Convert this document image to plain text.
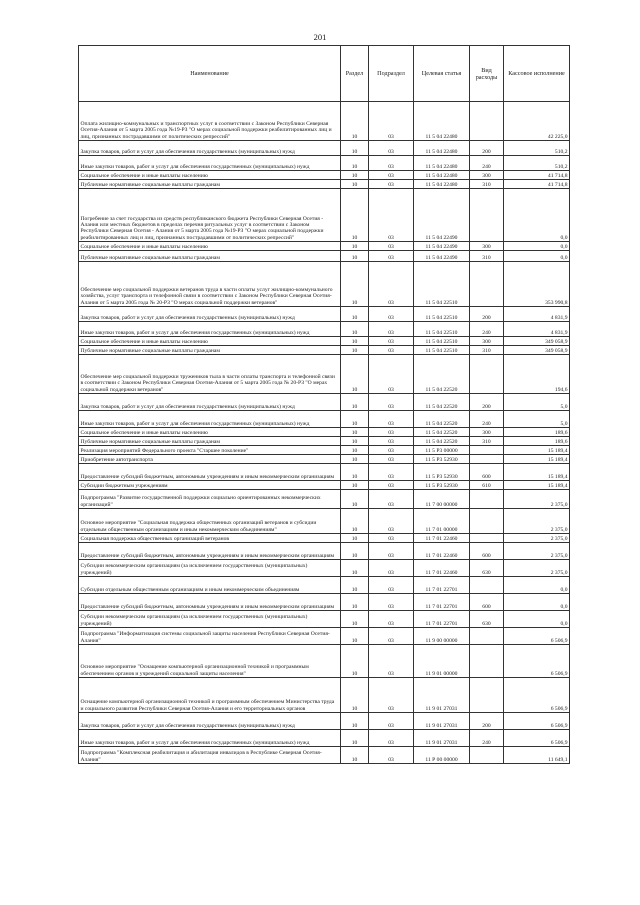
201
Наименование	Раздел	Подраздел	Целевая статья	Вид расходы	Кассовое исполнение
Оплата жилищно-коммунальных и транспортных услуг в соответствии с Законом Республики Северная Осетия-Алания от 5 марта 2005 года №19-РЗ "О мерах социальной поддержки реабилитированных лиц и лиц, признанных пострадавшими от политических репрессий"	10	03	11 5 04 22480		42 225,0
Закупка товаров, работ и услуг для обеспечения государственных (муниципальных) нужд	10	03	11 5 04 22480	200	510,2
Иные закупки товаров, работ и услуг для обеспечения государственных (муниципальных) нужд	10	03	11 5 04 22480	240	510,2
Социальное обеспечение и иные выплаты населению	10	03	11 5 04 22480	300	41 714,8
Публичные нормативные социальные выплаты гражданам	10	03	11 5 04 22480	310	41 714,8
Погребение за счет государства из средств республиканского бюджета Республики Северная Осетия - Алания или местных бюджетов в пределах перечня ритуальных услуг в соответствии с Законом Республики Северная Осетия - Алания от 5 марта 2005 года №19-РЗ "О мерах социальной поддержки реабилитированных лиц и лиц, признанных пострадавшими от политических репрессий"	10	03	11 5 04 22490		0,0
Социальное обеспечение и иные выплаты населению	10	03	11 5 04 22490	300	0,0
Публичные нормативные социальные выплаты гражданам	10	03	11 5 04 22490	310	0,0
Обеспечение мер социальной поддержки ветеранов труда в части оплаты услуг жилищно-коммунального хозяйства, услуг транспорта и телефонной связи в соответствии с Законом Республики Северная Осетия-Алания от 5 марта 2005 года № 20-РЗ "О мерах социальной поддержки ветеранов"	10	03	11 5 04 22510		353 990,8
Закупка товаров, работ и услуг для обеспечения государственных (муниципальных) нужд	10	03	11 5 04 22510	200	4 831,9
Иные закупки товаров, работ и услуг для обеспечения государственных (муниципальных) нужд	10	03	11 5 04 22510	240	4 831,9
Социальное обеспечение и иные выплаты населению	10	03	11 5 04 22510	300	349 058,9
Публичные нормативные социальные выплаты гражданам	10	03	11 5 04 22510	310	349 058,9
Обеспечение мер социальной поддержки тружеников тыла в части оплаты транспорта и телефонной связи в соответствии с Законом Республики Северная Осетия-Алания от 5 марта 2005 года № 20-РЗ "О мерах социальной поддержки ветеранов"	10	03	11 5 04 22520		194,6
Закупка товаров, работ и услуг для обеспечения государственных (муниципальных) нужд	10	03	11 5 04 22520	200	5,0
Иные закупки товаров, работ и услуг для обеспечения государственных (муниципальных) нужд	10	03	11 5 04 22520	240	5,0
Социальное обеспечение и иные выплаты населению	10	03	11 5 04 22520	300	189,6
Публичные нормативные социальные выплаты гражданам	10	03	11 5 04 22520	310	189,6
Реализация мероприятий Федерального проекта "Старшее поколение"	10	03	11 5 P3 00000		15 189,4
Приобретение автотранспорта	10	03	11 5 P3 52930		15 189,4
Предоставление субсидий бюджетным, автономным учреждениям и иным некоммерческим организациям	10	03	11 5 P3 52930	600	15 189,4
Субсидии бюджетным учреждениям	10	03	11 5 P3 52930	610	15 189,4
Подпрограмма "Развитие государственной поддержки социально ориентированных некоммерческих организаций"	10	03	11 7 00 00000		2 375,0
Основное мероприятие "Социальная поддержка общественных организаций ветеранов и субсидии отдельным общественным организациям и иным некоммерческим объединениям"	10	03	11 7 01 00000		2 375,0
Социальная поддержка общественных организаций ветеранов	10	03	11 7 01 22460		2 375,0
Предоставление субсидий бюджетным, автономным учреждениям и иным некоммерческим организациям	10	03	11 7 01 22460	600	2 375,0
Субсидии некоммерческим организациям (за исключением государственных (муниципальных) учреждений)	10	03	11 7 01 22460	630	2 375,0
Субсидии отдельным общественным организациям и иным некоммерческим объединениям	10	03	11 7 01 22701		0,0
Предоставление субсидий бюджетным, автономным учреждениям и иным некоммерческим организациям	10	03	11 7 01 22701	600	0,0
Субсидии некоммерческим организациям (за исключением государственных (муниципальных) учреждений)	10	03	11 7 01 22701	630	0,0
Подпрограмма "Информатизация системы социальной защиты населения Республики Северная Осетия-Алания"	10	03	11 9 00 00000		6 506,9
Основное мероприятие "Оснащение компьютерной организационной техникой и программным обеспечением органов и учреждений социальной защиты населения"	10	03	11 9 01 00000		6 506,9
Оснащение компьютерной организационной техникой и программным обеспечением Министерства труда и социального развития Республики Северная Осетия-Алания и его территориальных органов	10	03	11 9 01 27031		6 506,9
Закупка товаров, работ и услуг для обеспечения государственных (муниципальных) нужд	10	03	11 9 01 27031	200	6 506,9
Иные закупки товаров, работ и услуг для обеспечения государственных (муниципальных) нужд	10	03	11 9 01 27031	240	6 506,9
Подпрограмма "Комплексная реабилитация и абилитация инвалидов в Республике Северная Осетия-Алания"	10	03	11 Р 00 00000		11 649,1
